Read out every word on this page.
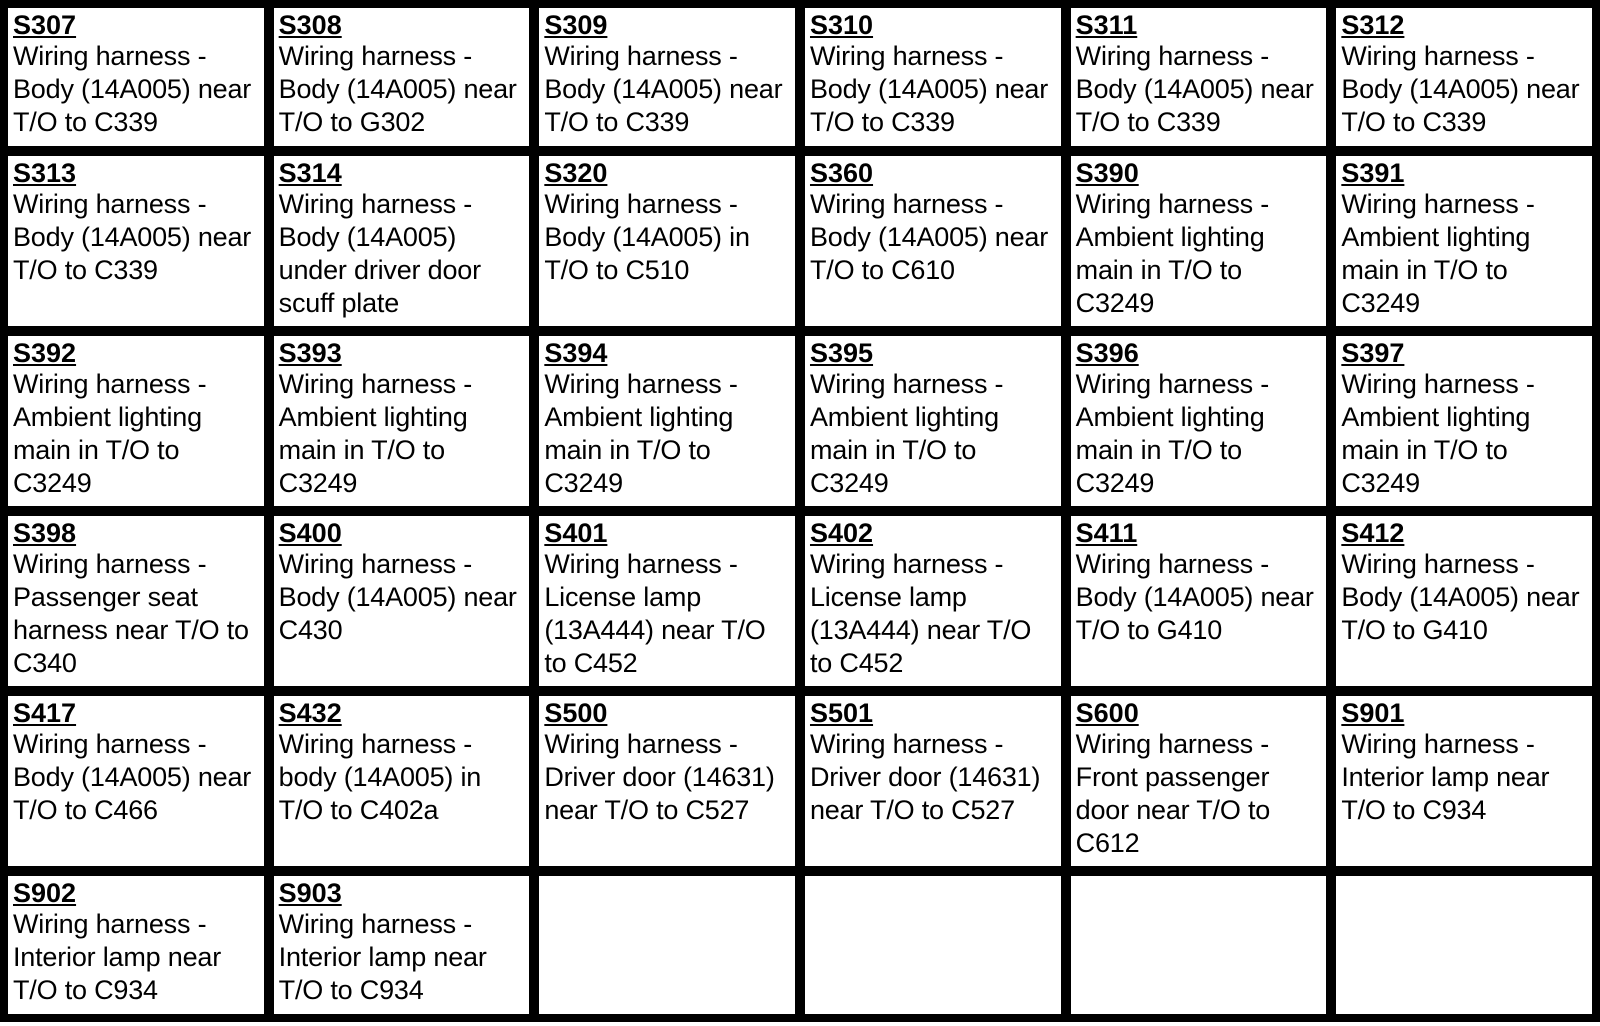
S307
Wiring harness - Body (14A005) near T/O to C339
S308
Wiring harness - Body (14A005) near T/O to G302
S309
Wiring harness - Body (14A005) near T/O to C339
S310
Wiring harness - Body (14A005) near T/O to C339
S311
Wiring harness - Body (14A005) near T/O to C339
S312
Wiring harness - Body (14A005) near T/O to C339
S313
Wiring harness - Body (14A005) near T/O to C339
S314
Wiring harness - Body (14A005) under driver door scuff plate
S320
Wiring harness - Body (14A005) in T/O to C510
S360
Wiring harness - Body (14A005) near T/O to C610
S390
Wiring harness - Ambient lighting main in T/O to C3249
S391
Wiring harness - Ambient lighting main in T/O to C3249
S392
Wiring harness - Ambient lighting main in T/O to C3249
S393
Wiring harness - Ambient lighting main in T/O to C3249
S394
Wiring harness - Ambient lighting main in T/O to C3249
S395
Wiring harness - Ambient lighting main in T/O to C3249
S396
Wiring harness - Ambient lighting main in T/O to C3249
S397
Wiring harness - Ambient lighting main in T/O to C3249
S398
Wiring harness - Passenger seat harness near T/O to C340
S400
Wiring harness - Body (14A005) near C430
S401
Wiring harness - License lamp (13A444) near T/O to C452
S402
Wiring harness - License lamp (13A444) near T/O to C452
S411
Wiring harness - Body (14A005) near T/O to G410
S412
Wiring harness - Body (14A005) near T/O to G410
S417
Wiring harness - Body (14A005) near T/O to C466
S432
Wiring harness - body (14A005) in T/O to C402a
S500
Wiring harness - Driver door (14631) near T/O to C527
S501
Wiring harness - Driver door (14631) near T/O to C527
S600
Wiring harness - Front passenger door near T/O to C612
S901
Wiring harness - Interior lamp near T/O to C934
S902
Wiring harness - Interior lamp near T/O to C934
S903
Wiring harness - Interior lamp near T/O to C934
